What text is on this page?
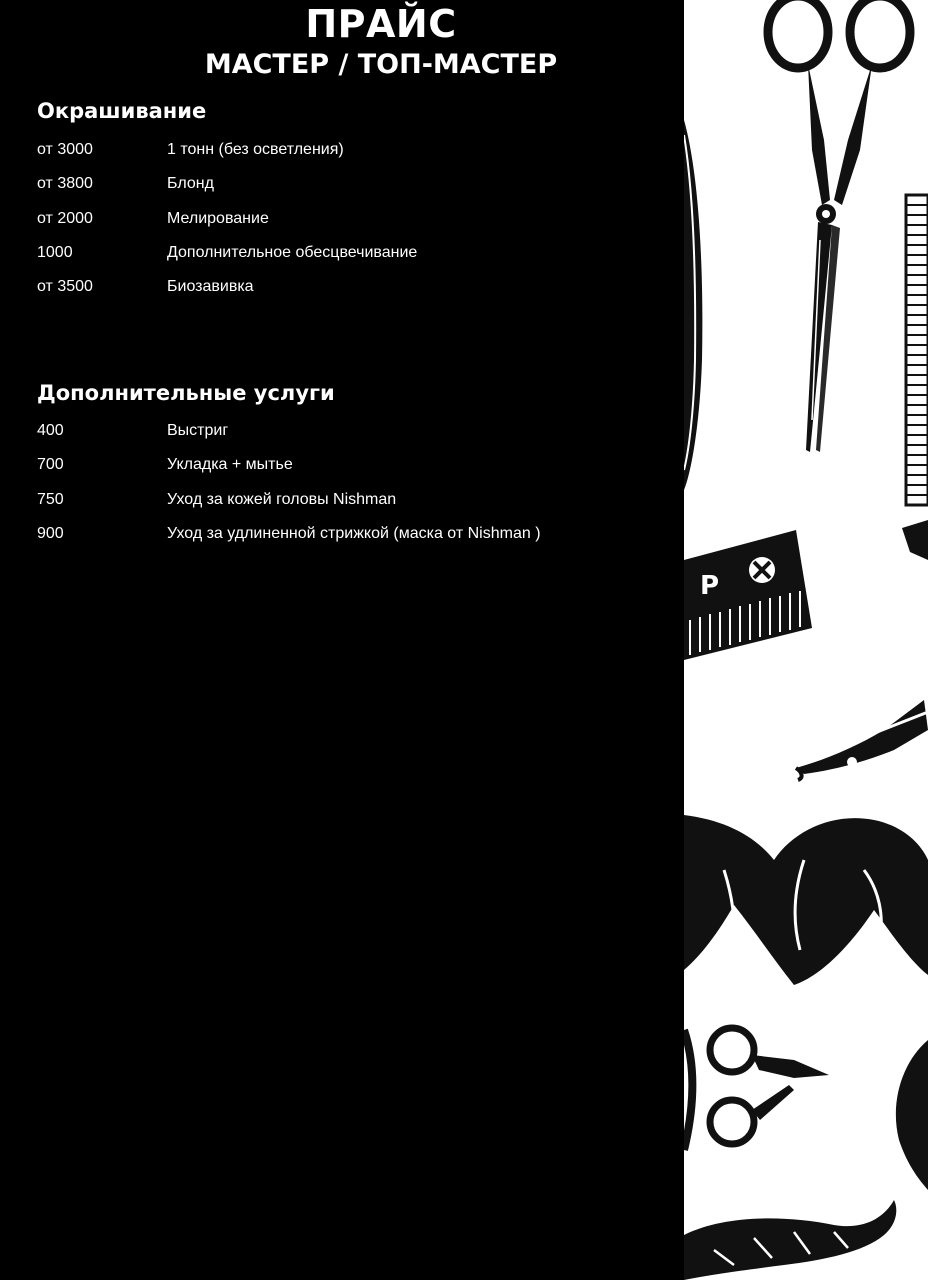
ПРАЙС
МАСТЕР / ТОП-МАСТЕР
Окрашивание
от 3000	1 тонн (без осветления)
от 3800	Блонд
от 2000	Мелирование
1000	Дополнительное обесцвечивание
от 3500	Биозавивка
Дополнительные услуги
400	Выстриг
700	Укладка + мытье
750	Уход за кожей головы Nishman
900	Уход за удлиненной стрижкой (маска от Nishman )
P
